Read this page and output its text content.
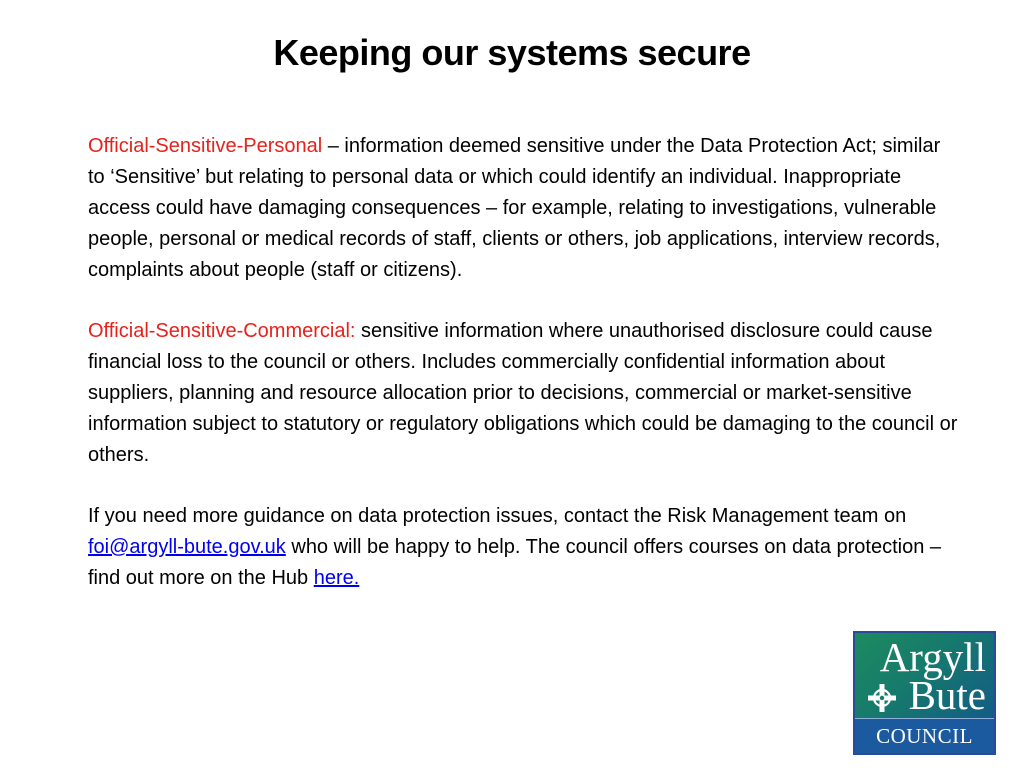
Keeping our systems secure

Official-Sensitive-Personal – information deemed sensitive under the Data Protection Act; similar to ‘Sensitive’ but relating to personal data or which could identify an individual. Inappropriate access could have damaging consequences – for example, relating to investigations, vulnerable people, personal or medical records of staff, clients or others, job applications, interview records, complaints about people (staff or citizens).

Official-Sensitive-Commercial: sensitive information where unauthorised disclosure could cause financial loss to the council or others. Includes commercially confidential information about suppliers, planning and resource allocation prior to decisions, commercial or market-sensitive information subject to statutory or regulatory obligations which could be damaging to the council or others.

If you need more guidance on data protection issues, contact the Risk Management team on foi@argyll-bute.gov.uk who will be happy to help. The council offers courses on data protection – find out more on the Hub here.

Argyll
Bute
COUNCIL
